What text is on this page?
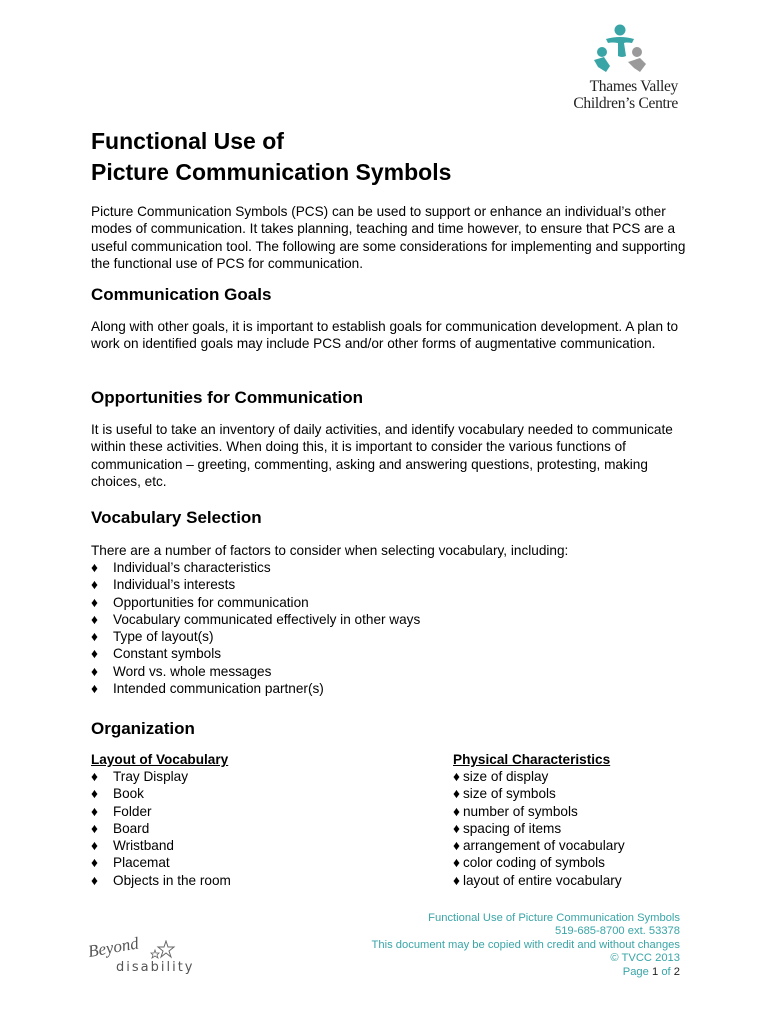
Thames Valley
Children’s Centre
Functional Use of
Picture Communication Symbols

Picture Communication Symbols (PCS) can be used to support or enhance an individual’s other modes of communication. It takes planning, teaching and time however, to ensure that PCS are a useful communication tool. The following are some considerations for implementing and supporting the functional use of PCS for communication.

Communication Goals

Along with other goals, it is important to establish goals for communication development. A plan to work on identified goals may include PCS and/or other forms of augmentative communication.

Opportunities for Communication

It is useful to take an inventory of daily activities, and identify vocabulary needed to communicate within these activities. When doing this, it is important to consider the various functions of communication – greeting, commenting, asking and answering questions, protesting, making choices, etc.

Vocabulary Selection

There are a number of factors to consider when selecting vocabulary, including:

♦ Individual’s characteristics
♦ Individual’s interests
♦ Opportunities for communication
♦ Vocabulary communicated effectively in other ways
♦ Type of layout(s)
♦ Constant symbols
♦ Word vs. whole messages
♦ Intended communication partner(s)
Organization
Layout of Vocabulary
♦ Tray Display
♦ Book
♦ Folder
♦ Board
♦ Wristband
♦ Placemat
♦ Objects in the room
Physical Characteristics
♦ size of display
♦ size of symbols
♦ number of symbols
♦ spacing of items
♦ arrangement of vocabulary
♦ color coding of symbols
♦ layout of entire vocabulary
Beyond
disability
Functional Use of Picture Communication Symbols
519-685-8700 ext. 53378
This document may be copied with credit and without changes
© TVCC 2013
Page 1 of 2
